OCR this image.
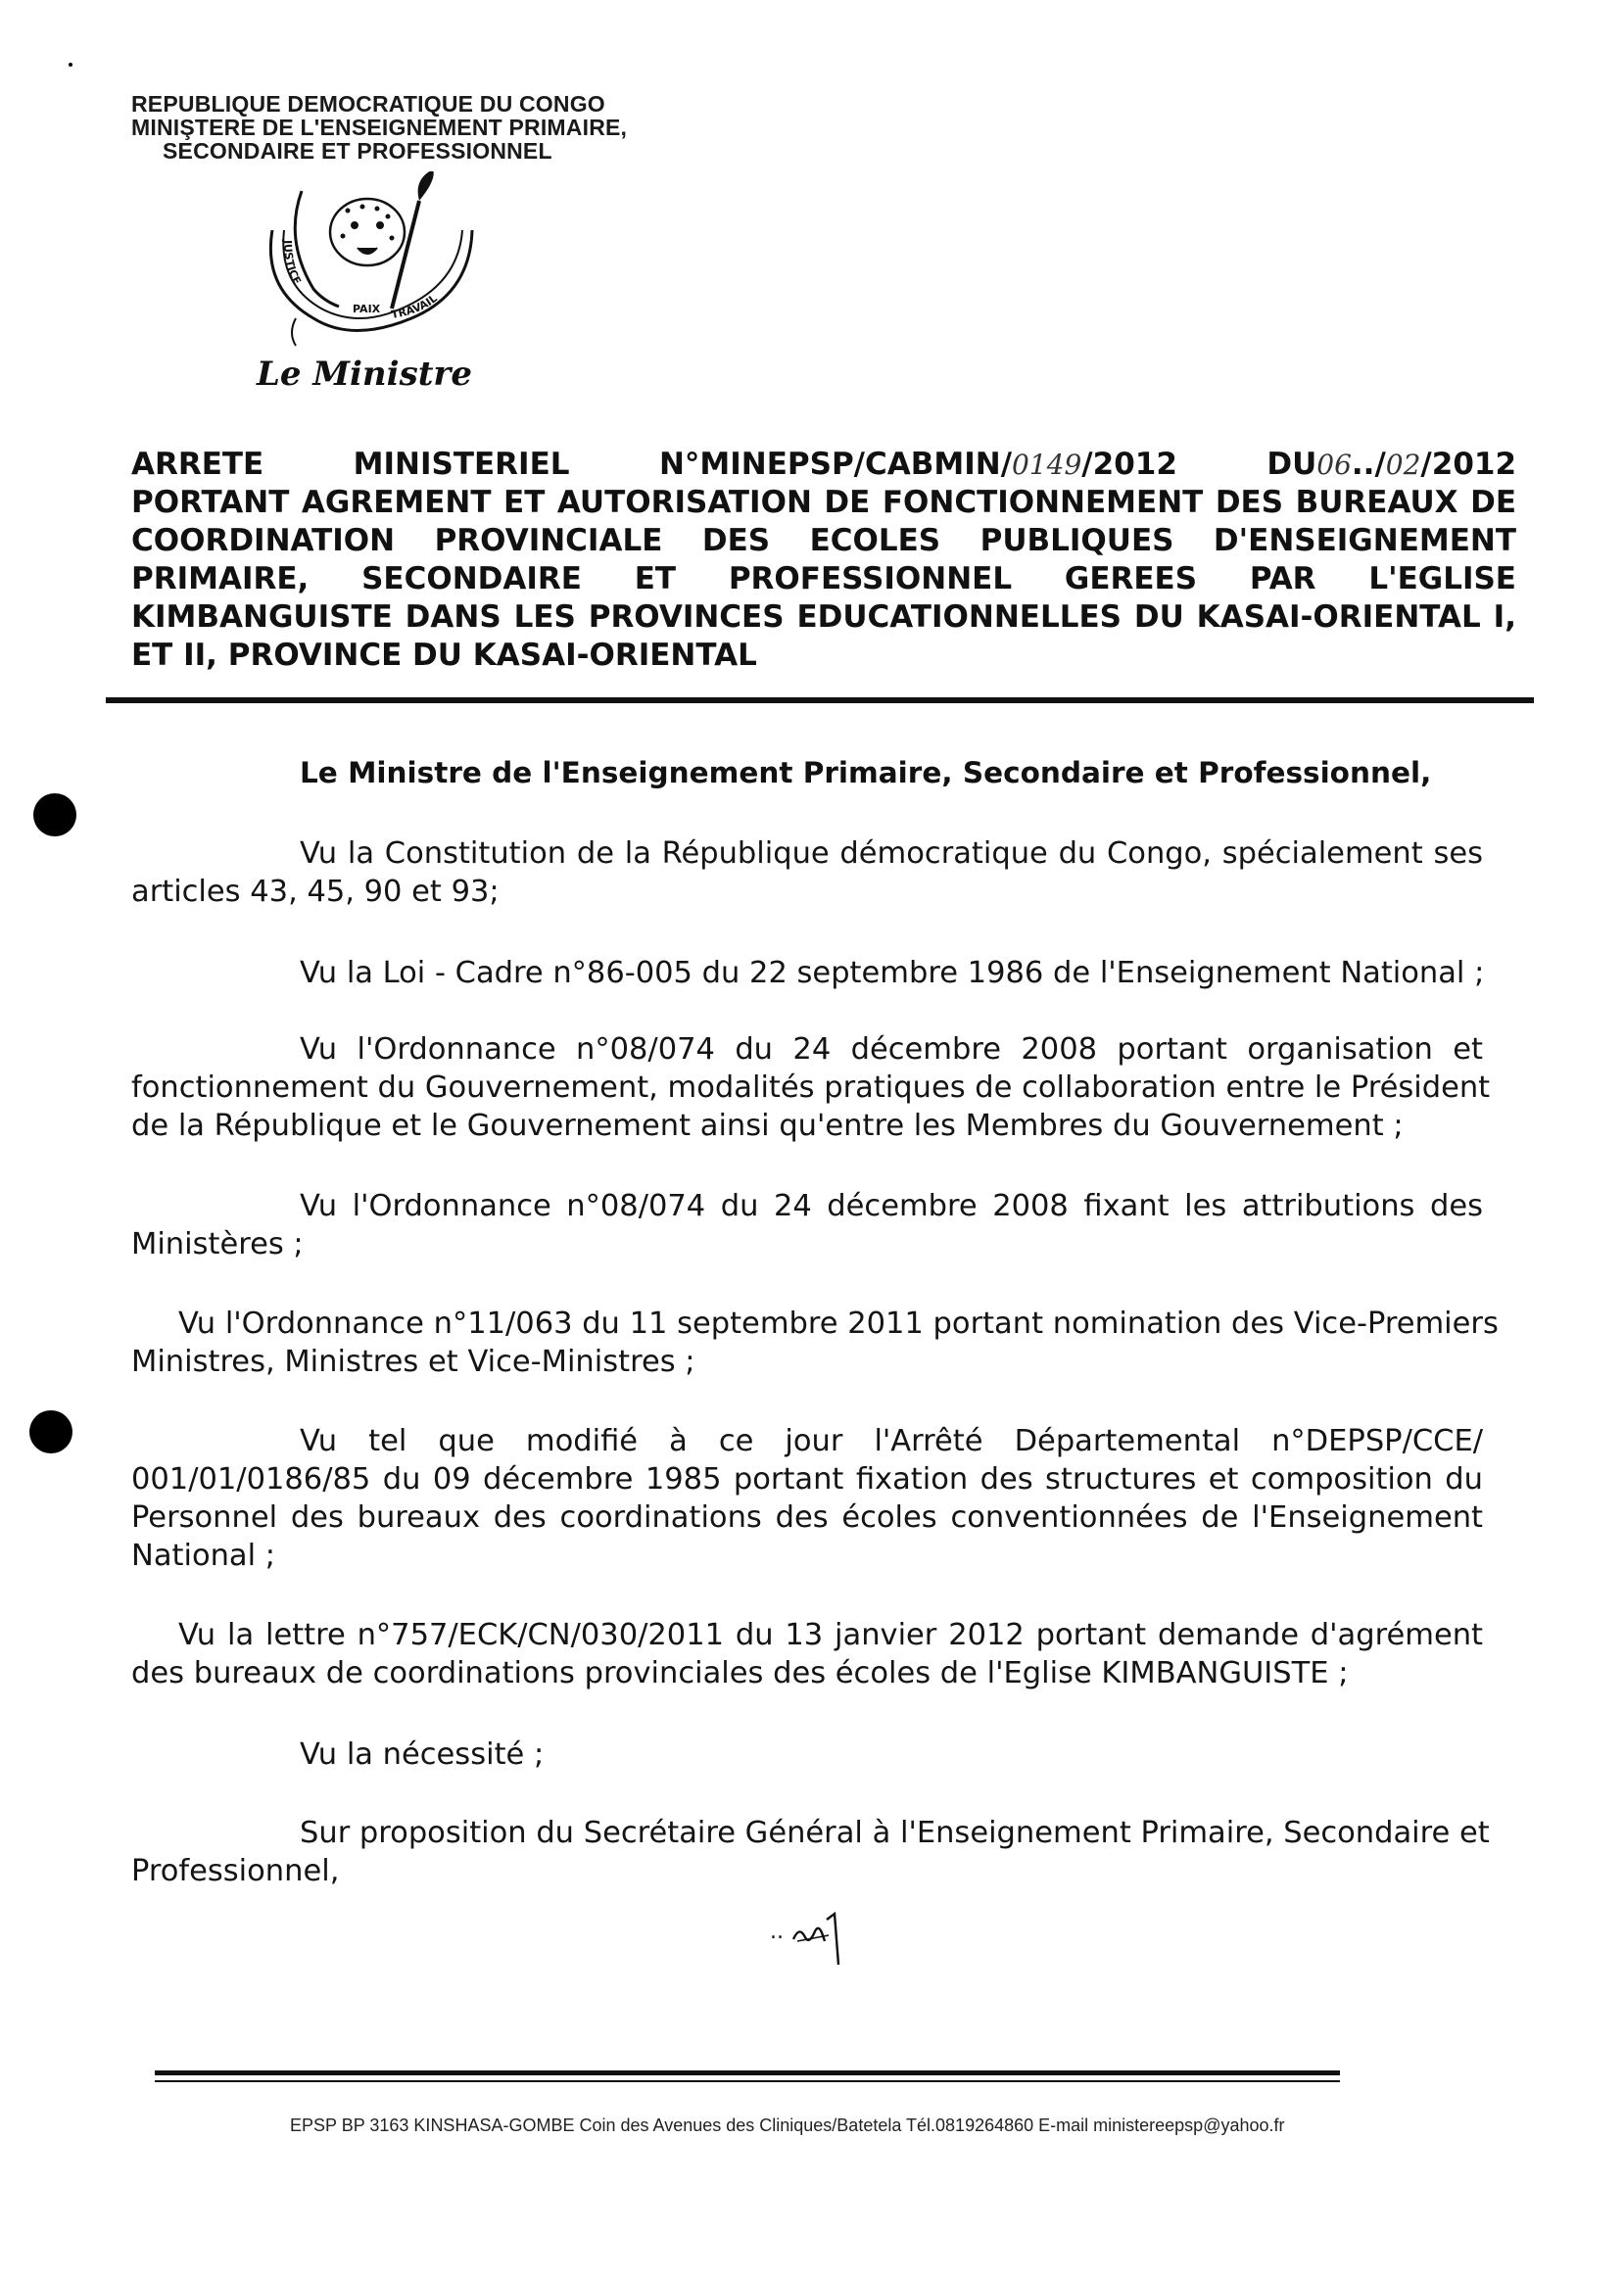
REPUBLIQUE DEMOCRATIQUE DU CONGO
MINIŞTERE DE L'ENSEIGNEMENT PRIMAIRE,
SECONDAIRE ET PROFESSIONNEL
JUSTICE
PAIX TRAVAIL
Le Ministre
ARRETE	MINISTERIEL	N°MINEPSP/CABMIN/0149/2012	DU06../02/2012
PORTANT AGREMENT ET AUTORISATION DE FONCTIONNEMENT DES BUREAUX DE
COORDINATION PROVINCIALE DES ECOLES PUBLIQUES D'ENSEIGNEMENT
PRIMAIRE, SECONDAIRE ET PROFESSIONNEL GEREES PAR L'EGLISE
KIMBANGUISTE DANS LES PROVINCES EDUCATIONNELLES DU KASAI-ORIENTAL I,
ET II, PROVINCE DU KASAI-ORIENTAL
Le Ministre de l'Enseignement Primaire, Secondaire et Professionnel,
Vu la Constitution de la République démocratique du Congo, spécialement ses
articles 43, 45, 90 et 93;
Vu la Loi - Cadre n°86-005 du 22 septembre 1986 de l'Enseignement National ;
Vu l'Ordonnance n°08/074 du 24 décembre 2008 portant organisation et
fonctionnement du Gouvernement, modalités pratiques de collaboration entre le Président
de la République et le Gouvernement ainsi qu'entre les Membres du Gouvernement ;
Vu l'Ordonnance n°08/074 du 24 décembre 2008 fixant les attributions des
Ministères ;
Vu l'Ordonnance n°11/063 du 11 septembre 2011 portant nomination des Vice-Premiers
Ministres, Ministres et Vice-Ministres ;
Vu tel que modifié à ce jour l'Arrêté Départemental n°DEPSP/CCE/
001/01/0186/85 du 09 décembre 1985 portant fixation des structures et composition du
Personnel des bureaux des coordinations des écoles conventionnées de l'Enseignement
National ;
Vu la lettre n°757/ECK/CN/030/2011 du 13 janvier 2012 portant demande d'agrément
des bureaux de coordinations provinciales des écoles de l'Eglise KIMBANGUISTE ;
Vu la nécessité ;
Sur proposition du Secrétaire Général à l'Enseignement Primaire, Secondaire et
Professionnel,
..
EPSP BP 3163 KINSHASA-GOMBE Coin des Avenues des Cliniques/Batetela Tél.0819264860 E-mail ministereepsp@yahoo.fr
